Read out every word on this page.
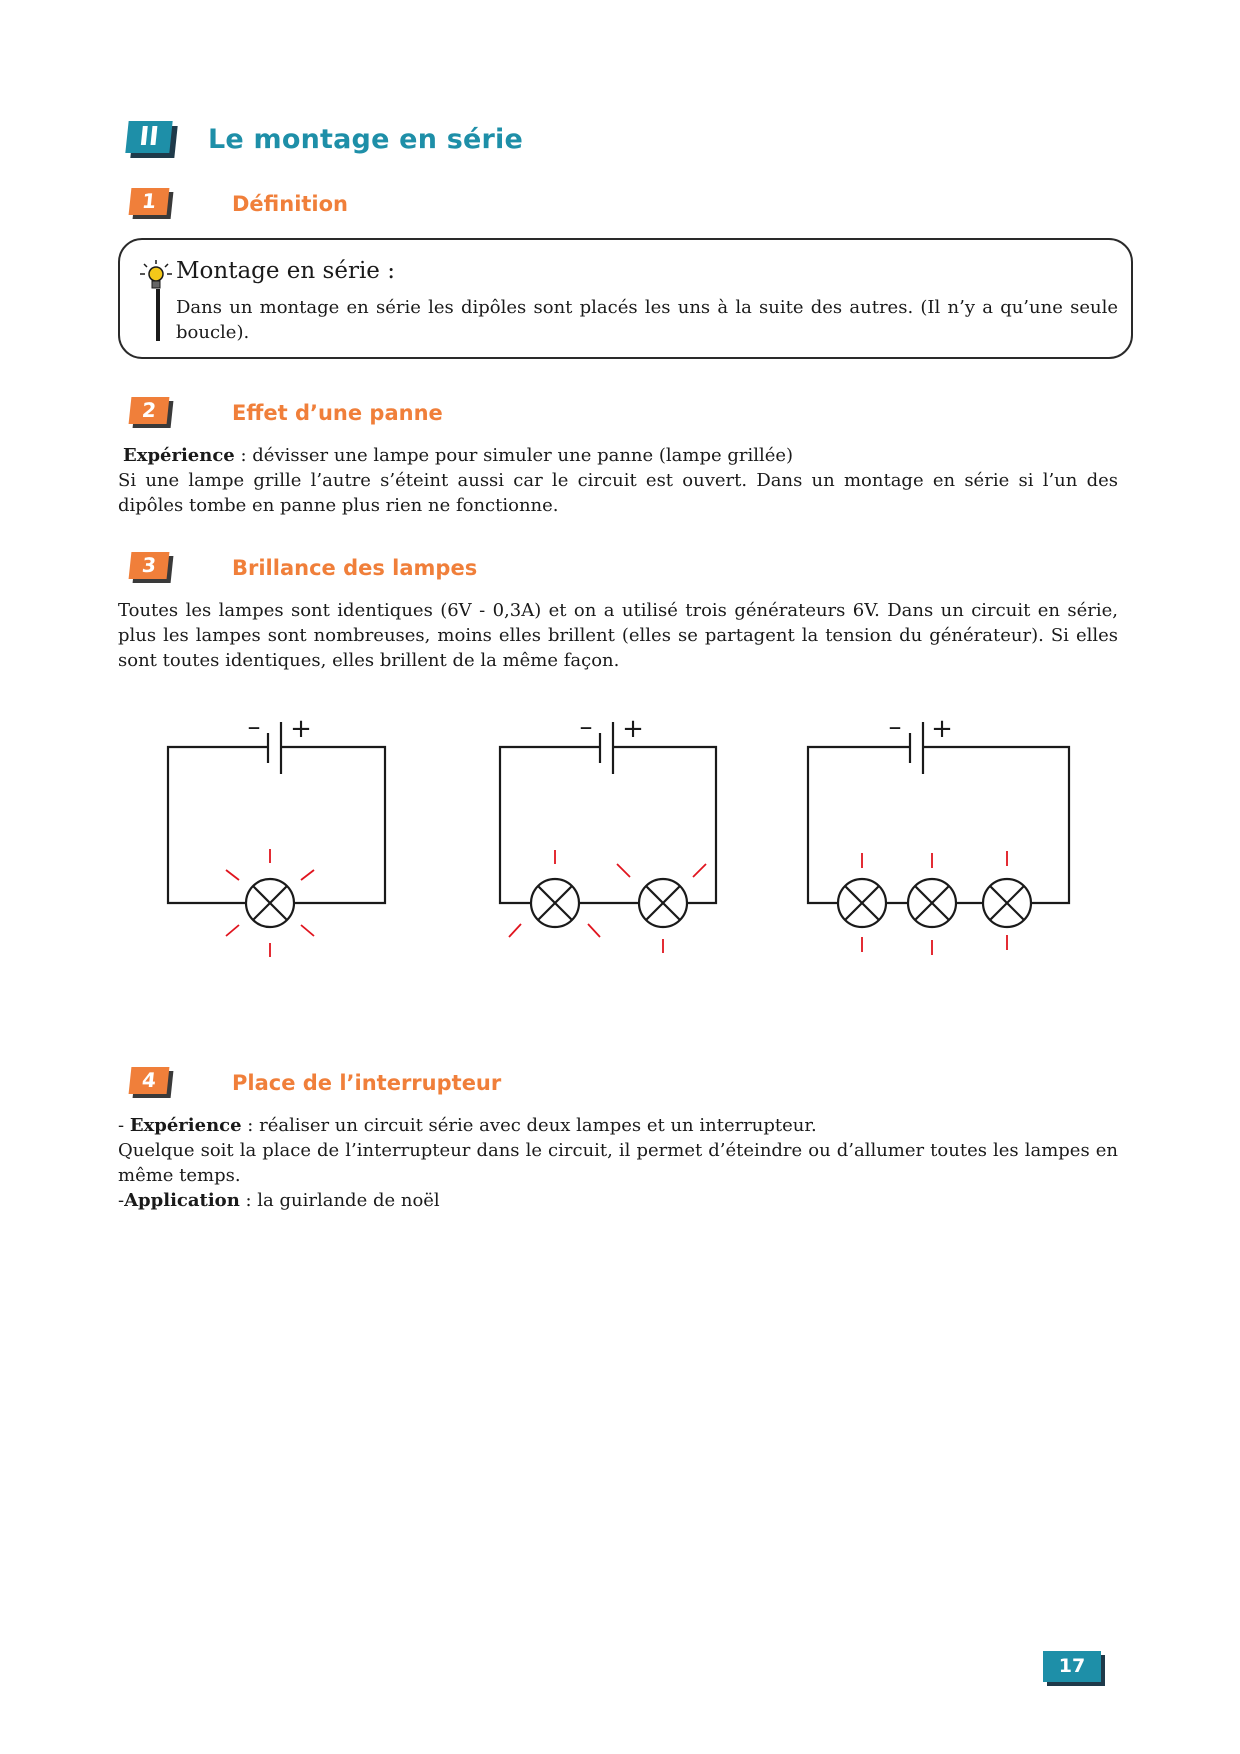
II	Le montage en série
1	Définition
Montage en série :
Dans un montage en série les dipôles sont placés les uns à la suite des autres. (Il n’y a qu’une seule boucle).
2	Effet d’une panne

Expérience : dévisser une lampe pour simuler une panne (lampe grillée)

Si une lampe grille l’autre s’éteint aussi car le circuit est ouvert. Dans un montage en série si l’un des dipôles tombe en panne plus rien ne fonctionne.

3	Brillance des lampes
Toutes les lampes sont identiques (6V - 0,3A) et on a utilisé trois générateurs 6V. Dans un circuit en série, plus les lampes sont nombreuses, moins elles brillent (elles se partagent la tension du générateur). Si elles sont toutes identiques, elles brillent de la même façon.
– +	– +	– +
4	Place de l’interrupteur

- Expérience : réaliser un circuit série avec deux lampes et un interrupteur.

Quelque soit la place de l’interrupteur dans le circuit, il permet d’éteindre ou d’allumer toutes les lampes en même temps.

-Application : la guirlande de noël

17
